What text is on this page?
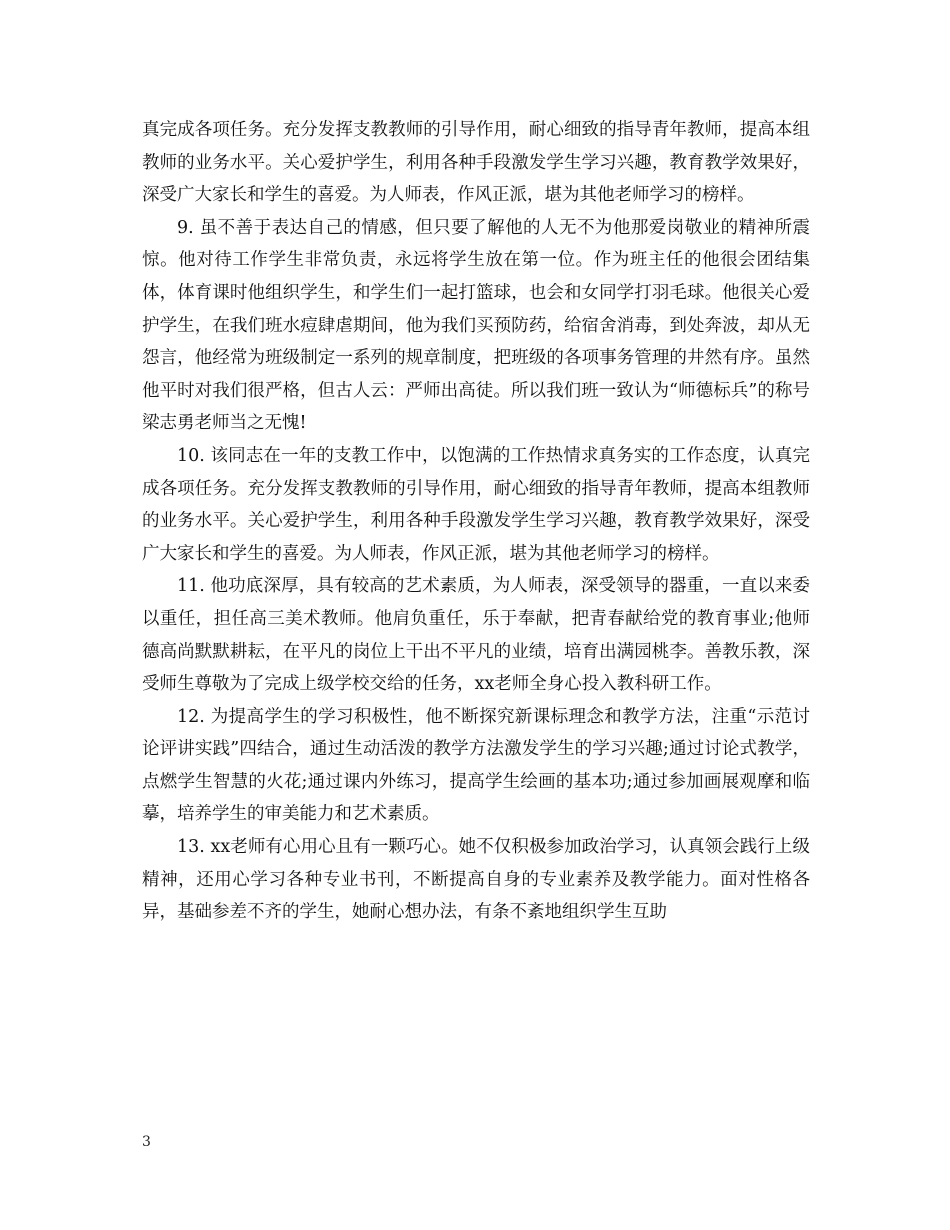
真完成各项任务。充分发挥支教教师的引导作用，耐心细致的指导青年教师，提高本组教师的业务水平。关心爱护学生，利用各种手段激发学生学习兴趣，教育教学效果好，深受广大家长和学生的喜爱。为人师表，作风正派，堪为其他老师学习的榜样。

9. 虽不善于表达自己的情感，但只要了解他的人无不为他那爱岗敬业的精神所震惊。他对待工作学生非常负责，永远将学生放在第一位。作为班主任的他很会团结集体，体育课时他组织学生，和学生们一起打篮球，也会和女同学打羽毛球。他很关心爱护学生，在我们班水痘肆虐期间，他为我们买预防药，给宿舍消毒，到处奔波，却从无怨言，他经常为班级制定一系列的规章制度，把班级的各项事务管理的井然有序。虽然他平时对我们很严格，但古人云：严师出高徒。所以我们班一致认为“师德标兵”的称号梁志勇老师当之无愧!

10. 该同志在一年的支教工作中，以饱满的工作热情求真务实的工作态度，认真完成各项任务。充分发挥支教教师的引导作用，耐心细致的指导青年教师，提高本组教师的业务水平。关心爱护学生，利用各种手段激发学生学习兴趣，教育教学效果好，深受广大家长和学生的喜爱。为人师表，作风正派，堪为其他老师学习的榜样。

11. 他功底深厚，具有较高的艺术素质，为人师表，深受领导的器重，一直以来委以重任，担任高三美术教师。他肩负重任，乐于奉献，把青春献给党的教育事业;他师德高尚默默耕耘，在平凡的岗位上干出不平凡的业绩，培育出满园桃李。善教乐教，深受师生尊敬为了完成上级学校交给的任务，xx老师全身心投入教科研工作。

12. 为提高学生的学习积极性，他不断探究新课标理念和教学方法，注重“示范讨论评讲实践”四结合，通过生动活泼的教学方法激发学生的学习兴趣;通过讨论式教学，点燃学生智慧的火花;通过课内外练习，提高学生绘画的基本功;通过参加画展观摩和临摹，培养学生的审美能力和艺术素质。

13. xx老师有心用心且有一颗巧心。她不仅积极参加政治学习，认真领会践行上级精神，还用心学习各种专业书刊，不断提高自身的专业素养及教学能力。面对性格各异，基础参差不齐的学生，她耐心想办法，有条不紊地组织学生互助

3
